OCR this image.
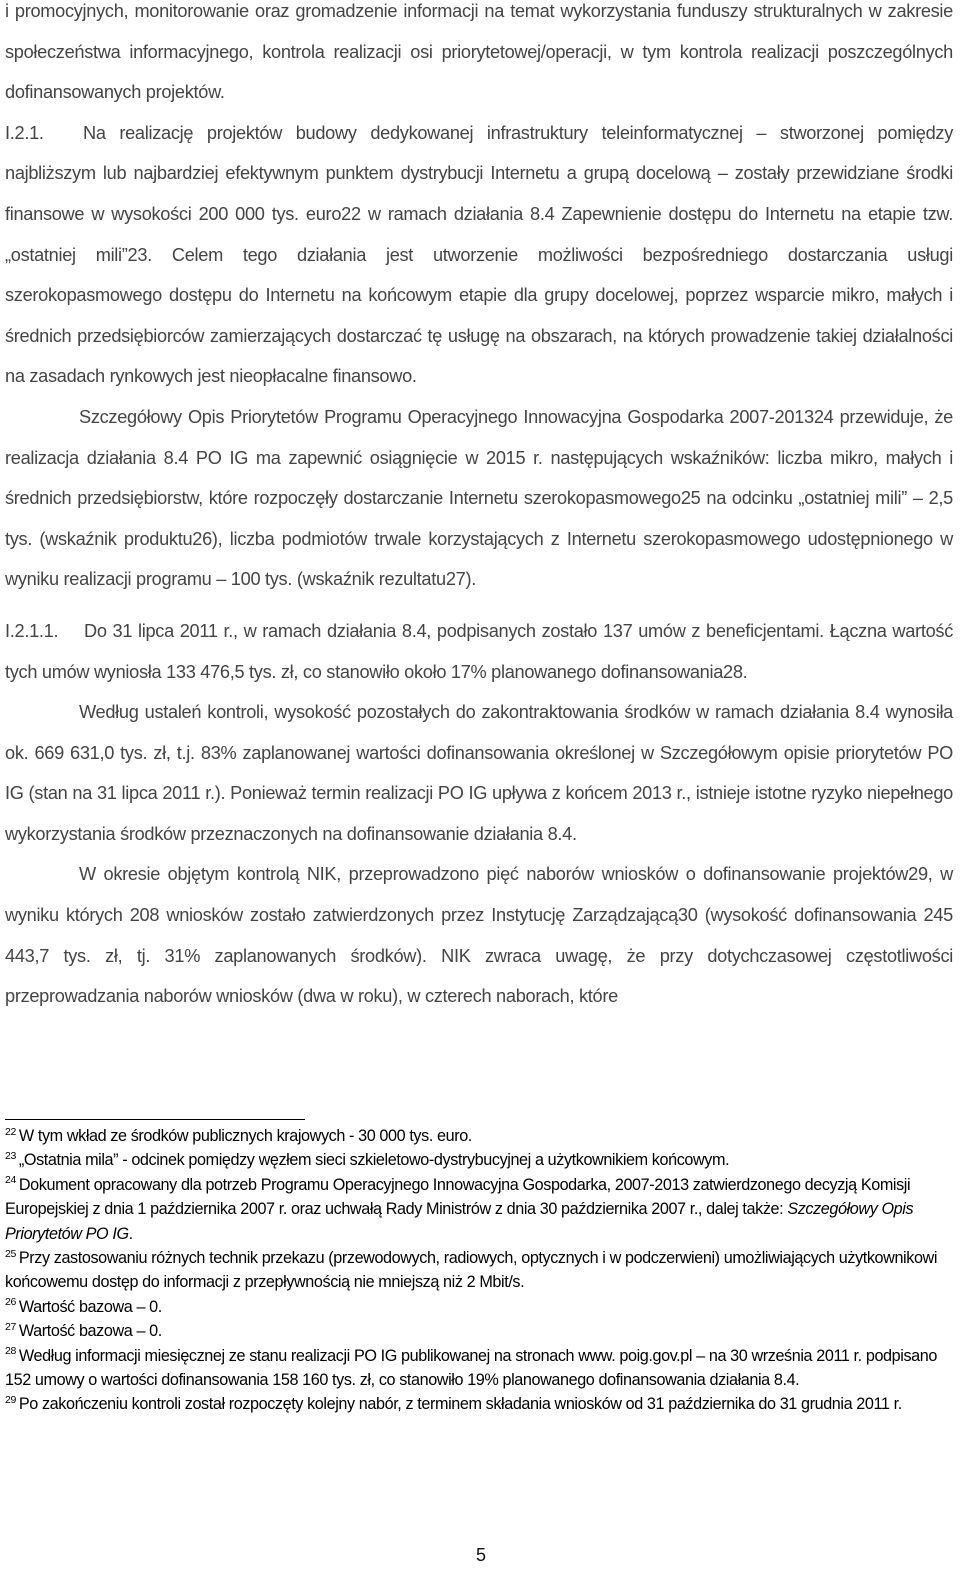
i promocyjnych, monitorowanie oraz gromadzenie informacji na temat wykorzystania funduszy strukturalnych w zakresie społeczeństwa informacyjnego, kontrola realizacji osi priorytetowej/operacji, w tym kontrola realizacji poszczególnych dofinansowanych projektów.

I.2.1. Na realizację projektów budowy dedykowanej infrastruktury teleinformatycznej – stworzonej pomiędzy najbliższym lub najbardziej efektywnym punktem dystrybucji Internetu a grupą docelową – zostały przewidziane środki finansowe w wysokości 200 000 tys. euro22 w ramach działania 8.4 Zapewnienie dostępu do Internetu na etapie tzw. „ostatniej mili”23. Celem tego działania jest utworzenie możliwości bezpośredniego dostarczania usługi szerokopasmowego dostępu do Internetu na końcowym etapie dla grupy docelowej, poprzez wsparcie mikro, małych i średnich przedsiębiorców zamierzających dostarczać tę usługę na obszarach, na których prowadzenie takiej działalności na zasadach rynkowych jest nieopłacalne finansowo.

Szczegółowy Opis Priorytetów Programu Operacyjnego Innowacyjna Gospodarka 2007-201324 przewiduje, że realizacja działania 8.4 PO IG ma zapewnić osiągnięcie w 2015 r. następujących wskaźników: liczba mikro, małych i średnich przedsiębiorstw, które rozpoczęły dostarczanie Internetu szerokopasmowego25 na odcinku „ostatniej mili” – 2,5 tys. (wskaźnik produktu26), liczba podmiotów trwale korzystających z Internetu szerokopasmowego udostępnionego w wyniku realizacji programu – 100 tys. (wskaźnik rezultatu27).

I.2.1.1. Do 31 lipca 2011 r., w ramach działania 8.4, podpisanych zostało 137 umów z beneficjentami. Łączna wartość tych umów wyniosła 133 476,5 tys. zł, co stanowiło około 17% planowanego dofinansowania28.

Według ustaleń kontroli, wysokość pozostałych do zakontraktowania środków w ramach działania 8.4 wynosiła ok. 669 631,0 tys. zł, t.j. 83% zaplanowanej wartości dofinansowania określonej w Szczegółowym opisie priorytetów PO IG (stan na 31 lipca 2011 r.). Ponieważ termin realizacji PO IG upływa z końcem 2013 r., istnieje istotne ryzyko niepełnego wykorzystania środków przeznaczonych na dofinansowanie działania 8.4.

W okresie objętym kontrolą NIK, przeprowadzono pięć naborów wniosków o dofinansowanie projektów29, w wyniku których 208 wniosków zostało zatwierdzonych przez Instytucję Zarządzającą30 (wysokość dofinansowania 245 443,7 tys. zł, tj. 31% zaplanowanych środków). NIK zwraca uwagę, że przy dotychczasowej częstotliwości przeprowadzania naborów wniosków (dwa w roku), w czterech naborach, które

$^{22}$ W tym wkład ze środków publicznych krajowych - 30 000 tys. euro.

$^{23}$ „Ostatnia mila” - odcinek pomiędzy węzłem sieci szkieletowo-dystrybucyjnej a użytkownikiem końcowym.

$^{24}$ Dokument opracowany dla potrzeb Programu Operacyjnego Innowacyjna Gospodarka, 2007-2013 zatwierdzonego decyzją Komisji Europejskiej z dnia 1 października 2007 r. oraz uchwałą Rady Ministrów z dnia 30 października 2007 r., dalej także: Szczegółowy Opis Priorytetów PO IG.

$^{25}$ Przy zastosowaniu różnych technik przekazu (przewodowych, radiowych, optycznych i w podczerwieni) umożliwiających użytkownikowi końcowemu dostęp do informacji z przepływnością nie mniejszą niż 2 Mbit/s.

$^{26}$ Wartość bazowa – 0.

$^{27}$ Wartość bazowa – 0.

$^{28}$ Według informacji miesięcznej ze stanu realizacji PO IG publikowanej na stronach www. poig.gov.pl – na 30 września 2011 r. podpisano 152 umowy o wartości dofinansowania 158 160 tys. zł, co stanowiło 19% planowanego dofinansowania działania 8.4.

$^{29}$ Po zakończeniu kontroli został rozpoczęty kolejny nabór, z terminem składania wniosków od 31 października do 31 grudnia 2011 r.

5
